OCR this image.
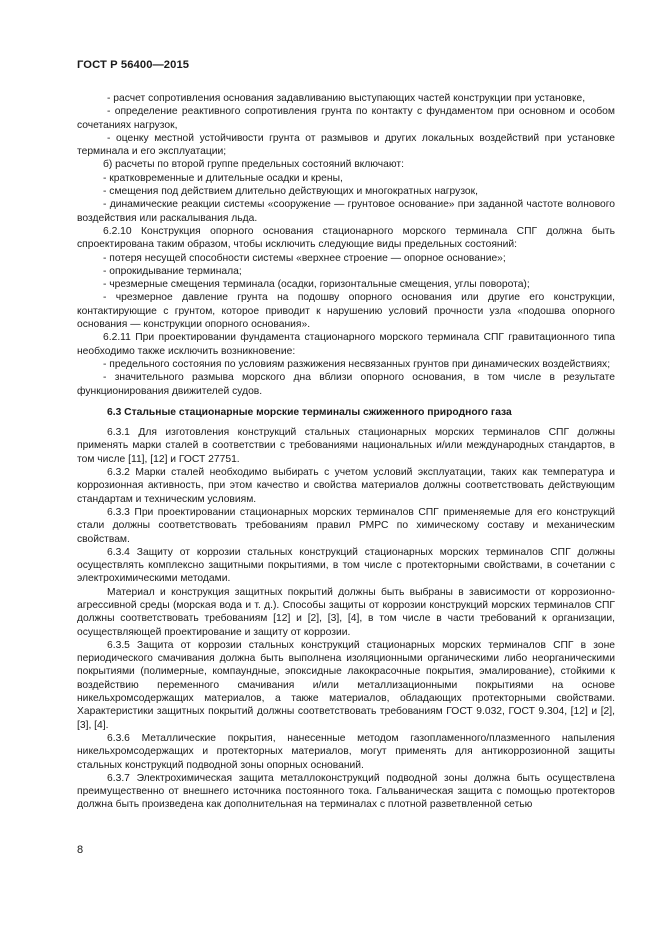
ГОСТ Р 56400—2015

- расчет сопротивления основания задавливанию выступающих частей конструкции при установке,

- определение реактивного сопротивления грунта по контакту с фундаментом при основном и особом сочетаниях нагрузок,

- оценку местной устойчивости грунта от размывов и других локальных воздействий при установке терминала и его эксплуатации;

б) расчеты по второй группе предельных состояний включают:

- кратковременные и длительные осадки и крены,

- смещения под действием длительно действующих и многократных нагрузок,

- динамические реакции системы «сооружение — грунтовое основание» при заданной частоте волнового воздействия или раскалывания льда.

6.2.10 Конструкция опорного основания стационарного морского терминала СПГ должна быть спроектирована таким образом, чтобы исключить следующие виды предельных состояний:

- потеря несущей способности системы «верхнее строение — опорное основание»;

- опрокидывание терминала;

- чрезмерные смещения терминала (осадки, горизонтальные смещения, углы поворота);

- чрезмерное давление грунта на подошву опорного основания или другие его конструкции, контактирующие с грунтом, которое приводит к нарушению условий прочности узла «подошва опорного основания — конструкции опорного основания».

6.2.11 При проектировании фундамента стационарного морского терминала СПГ гравитационного типа необходимо также исключить возникновение:

- предельного состояния по условиям разжижения несвязанных грунтов при динамических воздействиях;

- значительного размыва морского дна вблизи опорного основания, в том числе в результате функционирования движителей судов.

6.3 Стальные стационарные морские терминалы сжиженного природного газа

6.3.1 Для изготовления конструкций стальных стационарных морских терминалов СПГ должны применять марки сталей в соответствии с требованиями национальных и/или международных стандартов, в том числе [11], [12] и ГОСТ 27751.

6.3.2 Марки сталей необходимо выбирать с учетом условий эксплуатации, таких как температура и коррозионная активность, при этом качество и свойства материалов должны соответствовать действующим стандартам и техническим условиям.

6.3.3 При проектировании стационарных морских терминалов СПГ применяемые для его конструкций стали должны соответствовать требованиям правил РМРС по химическому составу и механическим свойствам.

6.3.4 Защиту от коррозии стальных конструкций стационарных морских терминалов СПГ должны осуществлять комплексно защитными покрытиями, в том числе с протекторными свойствами, в сочетании с электрохимическими методами.

Материал и конструкция защитных покрытий должны быть выбраны в зависимости от коррозионно-агрессивной среды (морская вода и т. д.). Способы защиты от коррозии конструкций морских терминалов СПГ должны соответствовать требованиям [12] и [2], [3], [4], в том числе в части требований к организации, осуществляющей проектирование и защиту от коррозии.

6.3.5 Защита от коррозии стальных конструкций стационарных морских терминалов СПГ в зоне периодического смачивания должна быть выполнена изоляционными органическими либо неорганическими покрытиями (полимерные, компаундные, эпоксидные лакокрасочные покрытия, эмалирование), стойкими к воздействию переменного смачивания и/или металлизационными покрытиями на основе никельхромсодержащих материалов, а также материалов, обладающих протекторными свойствами. Характеристики защитных покрытий должны соответствовать требованиям ГОСТ 9.032, ГОСТ 9.304, [12] и [2], [3], [4].

6.3.6 Металлические покрытия, нанесенные методом газопламенного/плазменного напыления никельхромсодержащих и протекторных материалов, могут применять для антикоррозионной защиты стальных конструкций подводной зоны опорных оснований.

6.3.7 Электрохимическая защита металлоконструкций подводной зоны должна быть осуществлена преимущественно от внешнего источника постоянного тока. Гальваническая защита с помощью протекторов должна быть произведена как дополнительная на терминалах с плотной разветвленной сетью

8
